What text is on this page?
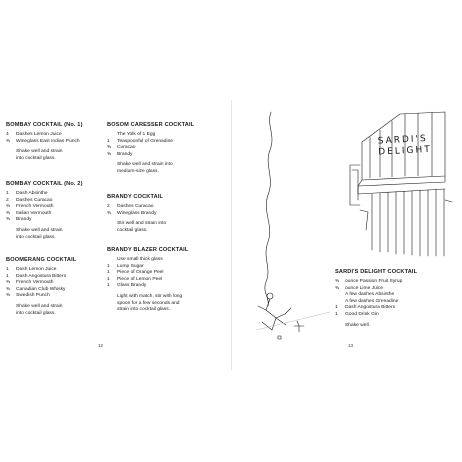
BOMBAY COCKTAIL (No. 1)
4 Dashes Lemon Juice
⅜ Wineglass East Indian Punch
Shake well and strain
into cocktail glass.
BOMBAY COCKTAIL (No. 2)
1 Dash Absinthe
2 Dashes Curacao
⅜ French Vermouth
⅜ Italian Vermouth
⅜ Brandy
Shake well and strain
into cocktail glass.
BOOMERANG COCKTAIL
1 Dash Lemon Juice
1 Dash Angostura Bitters
⅜ French Vermouth
⅜ Canadian Club Whisky
⅜ Swedish Punch
Shake well and strain
into cocktail glass.
BOSOM CARESSER COCKTAIL
The Yolk of 1 Egg
1 Teaspoonful of Grenadine
⅜ Curacao
⅜ Brandy
Shake well and strain into
medium-size glass.
BRANDY COCKTAIL
2 Dashes Curacao
⅜ Wineglass Brandy
Stir well and strain into
cocktail glass.
BRANDY BLAZER COCKTAIL
Use small thick glass
1 Lump Sugar
1 Piece of Orange Peel
1 Piece of Lemon Peel
1 Glass Brandy
Light with match, stir with long
spoon for a few seconds and
strain into cocktail glass.
12
SARDI'S DELIGHT COCKTAIL
⅜ ounce Passion Fruit Syrup
⅜ ounce Lime Juice
A few dashes Absinthe
A few dashes Grenadine
1 Dash Angostura Bitters
1 Good Drink Gin
Shake well.
13
SARDI'S DELIGHT
